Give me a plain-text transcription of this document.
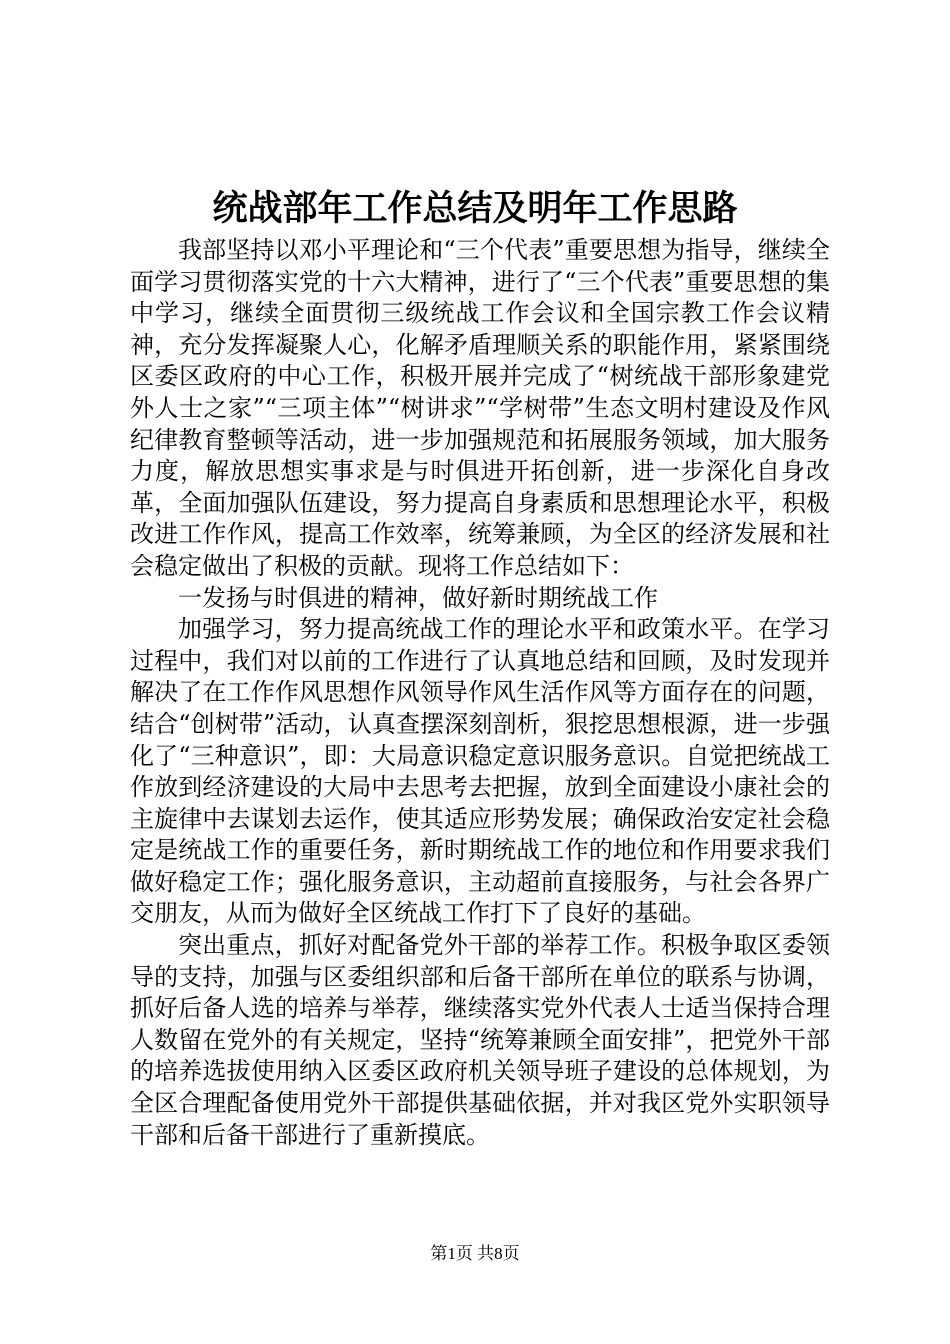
统战部年工作总结及明年工作思路

我部坚持以邓小平理论和“三个代表”重要思想为指导，继续全面学习贯彻落实党的十六大精神，进行了“三个代表”重要思想的集中学习，继续全面贯彻三级统战工作会议和全国宗教工作会议精神，充分发挥凝聚人心，化解矛盾理顺关系的职能作用，紧紧围绕区委区政府的中心工作，积极开展并完成了“树统战干部形象建党外人士之家”“三项主体”“树讲求”“学树带”生态文明村建设及作风纪律教育整顿等活动，进一步加强规范和拓展服务领域，加大服务力度，解放思想实事求是与时俱进开拓创新，进一步深化自身改革，全面加强队伍建设，努力提高自身素质和思想理论水平，积极改进工作作风，提高工作效率，统筹兼顾，为全区的经济发展和社会稳定做出了积极的贡献。现将工作总结如下：

一发扬与时俱进的精神，做好新时期统战工作

加强学习，努力提高统战工作的理论水平和政策水平。在学习过程中，我们对以前的工作进行了认真地总结和回顾，及时发现并解决了在工作作风思想作风领导作风生活作风等方面存在的问题，结合“创树带”活动，认真查摆深刻剖析，狠挖思想根源，进一步强化了“三种意识”，即：大局意识稳定意识服务意识。自觉把统战工作放到经济建设的大局中去思考去把握，放到全面建设小康社会的主旋律中去谋划去运作，使其适应形势发展；确保政治安定社会稳定是统战工作的重要任务，新时期统战工作的地位和作用要求我们做好稳定工作；强化服务意识，主动超前直接服务，与社会各界广交朋友，从而为做好全区统战工作打下了良好的基础。

突出重点，抓好对配备党外干部的举荐工作。积极争取区委领导的支持，加强与区委组织部和后备干部所在单位的联系与协调，抓好后备人选的培养与举荐，继续落实党外代表人士适当保持合理人数留在党外的有关规定，坚持“统筹兼顾全面安排”，把党外干部的培养选拔使用纳入区委区政府机关领导班子建设的总体规划，为全区合理配备使用党外干部提供基础依据，并对我区党外实职领导干部和后备干部进行了重新摸底。

第1页 共8页
